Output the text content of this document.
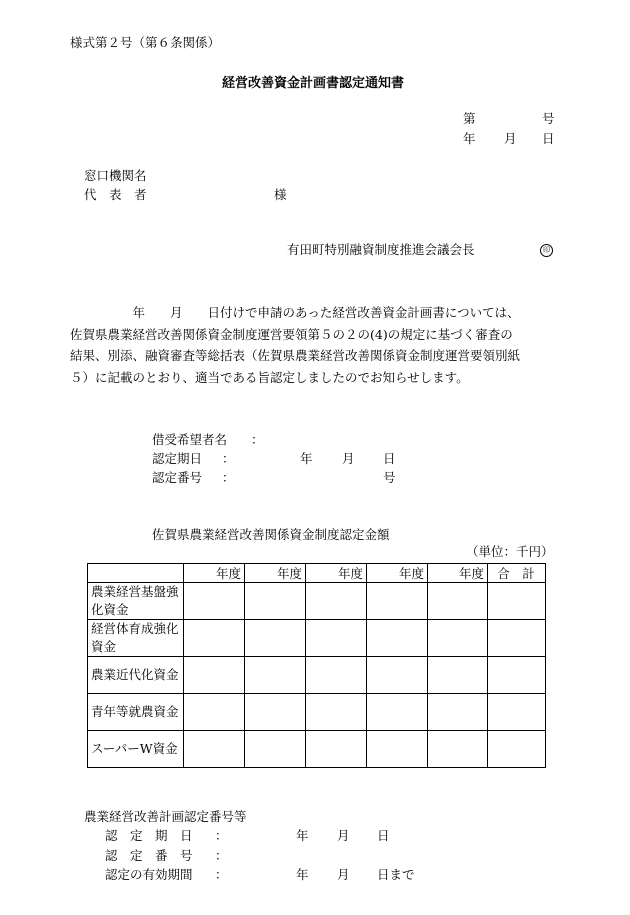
様式第２号（第６条関係）
経営改善資金計画書認定通知書
第	号
年 月 日
窓口機関名
代　表　者	様
有田町特別融資制度推進会議会長	印
　　　　　年　　月　　日付けで申請のあった経営改善資金計画書については、
佐賀県農業経営改善関係資金制度運営要領第５の２の(4)の規定に基づく審査の
結果、別添、融資審査等総括表（佐賀県農業経営改善関係資金制度運営要領別紙
５）に記載のとおり、適当である旨認定しましたのでお知らせします。
借受希望者名 ：
認定期日 ：	年 月 日
認定番号 ：	号
佐賀県農業経営改善関係資金制度認定金額
（単位：千円）
	年度	年度	年度	年度	年度	合　計
農業経営基盤強化資金						
経営体育成強化資金						
農業近代化資金						
青年等就農資金						
スーパーW資金						
農業経営改善計画認定番号等
認　定　期　日 ：	年 月 日
認　定　番　号 ：
認定の有効期間 ：	年 月 日まで
